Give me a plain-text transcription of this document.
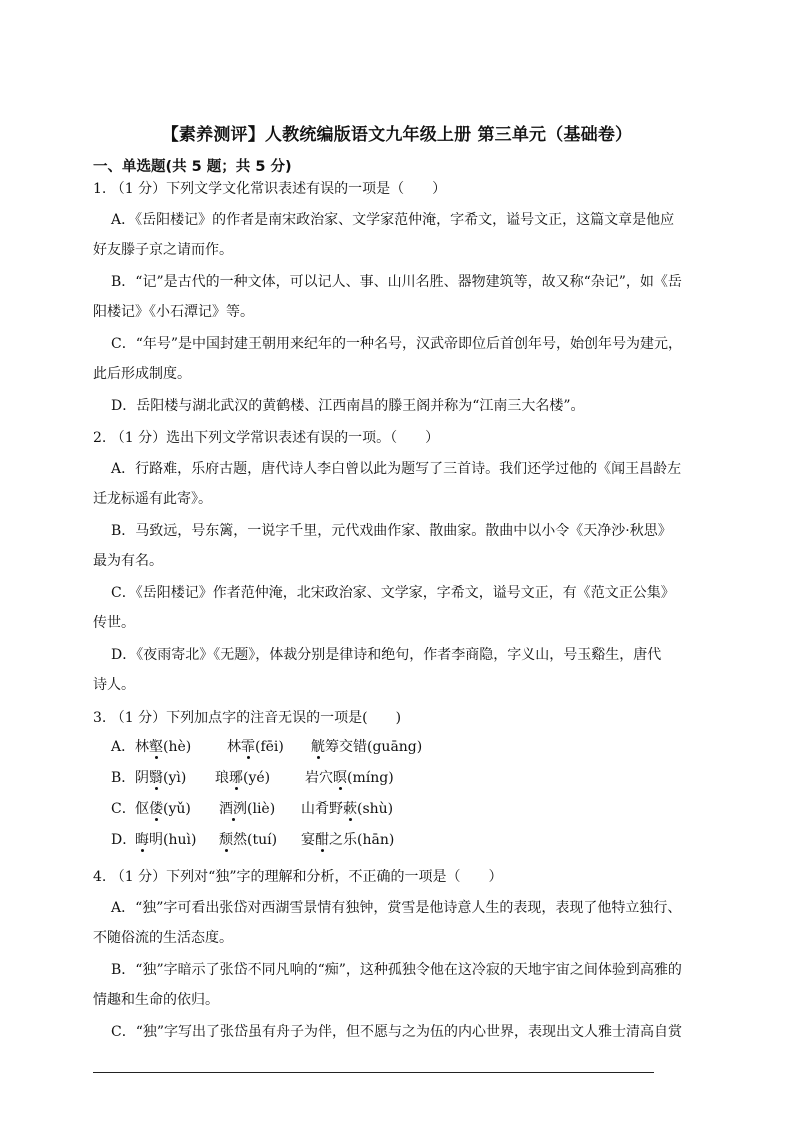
【素养测评】人教统编版语文九年级上册 第三单元（基础卷）
一、单选题(共 5 题；共 5 分)
1. （1 分）下列文学文化常识表述有误的一项是（　　）
A．《岳阳楼记》的作者是南宋政治家、文学家范仲淹，字希文，谥号文正，这篇文章是他应
好友滕子京之请而作。
B．“记”是古代的一种文体，可以记人、事、山川名胜、器物建筑等，故又称“杂记”，如《岳
阳楼记》《小石潭记》等。
C．“年号”是中国封建王朝用来纪年的一种名号，汉武帝即位后首创年号，始创年号为建元，
此后形成制度。
D．岳阳楼与湖北武汉的黄鹤楼、江西南昌的滕王阁并称为“江南三大名楼”。
2. （1 分）选出下列文学常识表述有误的一项。（　　）
A．行路难，乐府古题，唐代诗人李白曾以此为题写了三首诗。我们还学过他的《闻王昌龄左
迁龙标遥有此寄》。
B．马致远，号东篱，一说字千里，元代戏曲作家、散曲家。散曲中以小令《天净沙·秋思》
最为有名。
C．《岳阳楼记》作者范仲淹，北宋政治家、文学家，字希文，谥号文正，有《范文正公集》
传世。
D．《夜雨寄北》《无题》，体裁分别是律诗和绝句，作者李商隐，字义山，号玉谿生，唐代
诗人。
3. （1 分）下列加点字的注音无误的一项是(　　)
A． 林壑(hè)	林霏(fēi) 觥筹交错(guāng)
B． 阴翳(yì) 琅琊(yé) 岩穴暝(míng)
C． 伛偻(yǔ) 酒洌(liè) 山肴野蔌(shù)
D．
晦明(huì) 颓然(tuí) 宴酣之乐(hān)
4. （1 分）下列对“独”字的理解和分析，不正确的一项是（　　）
A．“独”字可看出张岱对西湖雪景情有独钟，赏雪是他诗意人生的表现，表现了他特立独行、
不随俗流的生活态度。
B．“独”字暗示了张岱不同凡响的“痴”，这种孤独令他在这冷寂的天地宇宙之间体验到高雅的
情趣和生命的依归。
C．“独”字写出了张岱虽有舟子为伴，但不愿与之为伍的内心世界，表现出文人雅士清高自赏
